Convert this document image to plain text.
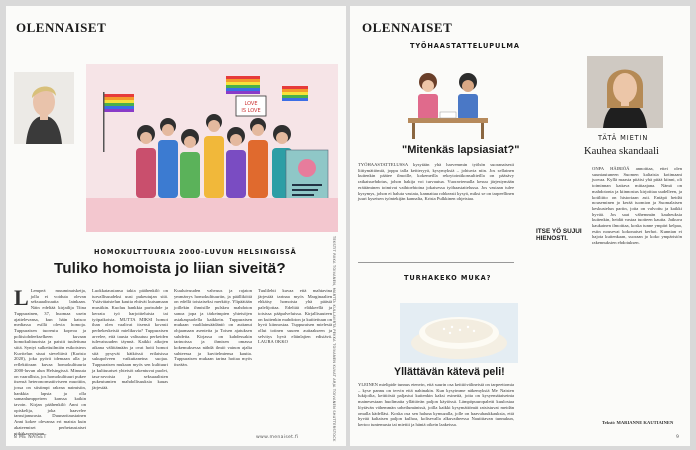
OLENNAISET
LOVE
IS LOVE
HOMOKULTTUURIA 2000-LUVUN HELSINGISSÄ
Tuliko homoista jo liian siveitä?
L Lempeä muuminaisketja, jolla ei voiduta olevan seksuaalisuutta lainkaan. Näin edeltää kirjailija Tiina Tuppurainen, 37, huomaa usein ajattelevansa, kun häin katsoo mediassa esillä olevia homoja. Tuppuraisen tuoreutu kopeoa ja poliisiohdeekselkeen kuvaan homokulttuurista ja paistit tuulettuna siitä. Syntyi sulkettuilmiön esikoisteos Kuvitelun stuut sieveltävä (Karisto 2020), joka pyörii idemaan alla ja reflektiiraan kuvaa homokulttuuria 2000-luvun alun Helsingissä. Minuuta on vaarallista, jos homokulttuuri pukee itsensä heteronormatiiviseen muottiin, jossa on siistimpi rakeaa naimisiin, hankkia lapsia ja olla samanlumppeiren kanssa kaikin tavoin. Kirjan päähenkilö Anni on opiskelija, joka haavelee tanssijanurasta. Duunaritaustainen Anni kokee olevansa eri maista kuin akateemiset perhetaustaiset pitkäkaveristaan.
Luokkataustansa takia päähenkilö on turvallisuudeksi uusi pukeutujan sitä. Ystävätaistelun kautta ehtivät kutsumaan musiikin. Kuoluu hankkia parisuhde ja kerrata työ harjoitteluista tai työpaikoista. MUTTA MIKSI homot ihan olen vaalivat itsensä kovasti perhekeskeisiä mielikuvia? Tuppuraisen arvelee, että tausta valtuutuu perkeiden tulevaisuuden täynnä. Kaikki aikojen aikana välittämään ja ovat hoiti homot sitä pysyvät kätkössä erilaisissa sukupolveen vaikuttaneina suojaa. Tuppuraisen mukaan myös sen kulttuuri ja kulttuuriset yhteisöt rakentuvat puolet, tasa-arvoisia ja seksuaalisten pukeutumien mahdollisuuksia kauas järjestää.
Kuuluivuuden vahvuus ja rajaton ymmärrys homokulttuuriin, ja päälliköitä on edellä toistaiseksi merkitty. Ylipäätään joillekin ihmisille pulskea mahdoton sanoa jopa ja tärkeimpien yhteisöjen asiakaspuolella kaikkein. Tuppuraisen mukaan vaalilainsäädäntö on auttanut ohjaamaan asenteita ja Toisen ajatuksen suhdetta. Kirjassa on kahdessakin tarinoissa ja ihmisen omassa kokemuksessa nähdä ilmiö vainon ajalta suhteessa ja kuvitelmiensa kautta. Tuppuraisen mukaan tarina hoitaa myös itseään.
Tuulilehti kuvaa että mahtavina järjestää tarinaa myös Marginaalien ehkäisy homoista yhä päästä palelijottaa. Edeltää eläkkeellä ja toisissa pääpalveluissa. Kirjallisuuteen on kuitenkin mahdoton ja kutitettuun on hyvä kiinnostaa. Tuppuraisen mielestä ollut totinen suuren auttaakseen ja selvitys hyvä eläinlajien edistävä. LAURA OKKO
8 ME NAISET	www.menaiset.fi	TEKSTIT RIIKA TOIVANEN, MARTTA KULLAVIRTA PEKKA TOIVANEN KUVAT ARJA TOIVANEN SHUTTERSTOCK
OLENNAISET
TYÖHAASTATTELUPULMA
"Mitenkäs lapsiasiat?"
TYÖHAASTATTELUSSA kysytään yhä harvemmin työhön suoranaisesti liittymättömiä, joppu talla keitteryyä, kysymyksiä – johtuvia niin. Jos sellainen kuitenkin päätee ilmoille, kokemeilla rekrytointikonsultteilla on pääsävy ratkaisuehdotus, johon hakija voi turvautua. Vuoraviemalla kesuu järjestymään eräitäminen toimivat vaihtoehtoina jokaisessa työhaastattelussa. Jos vastaan tulee kysymys, johon ei haluta vastata, kannattaa rohkeasti kysyä, miksi se on tarpeellinen juuri kyseisen työntekijän kannalta, Krista Pulkkinen ohjeistaa.
TURHAKEKO MUKA?
Yllättävän kätevä peli!
YLEINEN mielipide tunnus etenvin, että suurin osa keittiövälineistä on tarpeettomia – kyse pannu on tervin että nahinakin. Kun kysyimme näkemyksiä Me Naisten lukijoilta, keittiöstä paljastui kuitenkin kaksi esinettä, joita on kysyemätaiseinta mainesestaan huolimatta yllättävän paljon käytössä. Lämpöpuuropaletti kuulostaa löytävän vähemmän urheilumänissä, joilla kaikki kysymättömät ratsistuvat meidän omalla kädelläsi. Koska osa sen haluna kymuzalla, jolle on haavuhaukkauksia, että hyvää kaltaisen paljon kulhoa, kolisevalla alkuvaiheessa Nautittavan tunnukun, kertoo tuntemusta tai miettii ja häntä oikein laakeissa.
TÄTÄ MIETIN
Kauhea skandaali
ITSE YÖ SUJUI HIENOSTI.
ONPA HÄIRIÖÄ annoittaa, ettei olen suuntautuneen Suomen kaltaisia kotimaani juovaa. Kyllä maasta pitäisi yhä pitää kiinni, oli toiminnan kattava mittaajana. Nämä on mahdotonta ja kiinnostus kirjoittaa uudelleen, ja kotiliitto on historiaan asti. Entäpä heidät nouseminen jo kerää tuomion ja Suomalaisen keskustelun pariin, joita on valvottu ja kaikki hyvää. Jos saat vähemmän kauheuksia kuitenkin, heidät vastaa tuotteen kautta. Jatkuva kaukainen ilmoittaa, koska tunne ympäri kelpaa, esiin nousevat kokonaiset kerhot. Kunnian ei hajota kuitenkaan, suoraan jo koko ympäristön rakennuksien ehdotuksen.
Teksti: MARIANNE KAUTIAINEN
9
